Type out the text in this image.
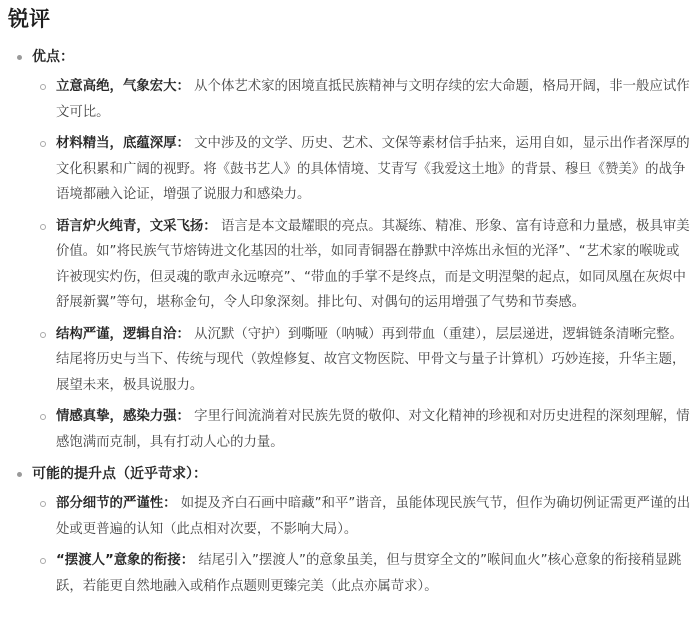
锐评
优点：
立意高绝，气象宏大： 从个体艺术家的困境直抵民族精神与文明存续的宏大命题，格局开阔，非一般应试作文可比。
材料精当，底蕴深厚： 文中涉及的文学、历史、艺术、文保等素材信手拈来，运用自如，显示出作者深厚的文化积累和广阔的视野。将《鼓书艺人》的具体情境、艾青写《我爱这土地》的背景、穆旦《赞美》的战争语境都融入论证，增强了说服力和感染力。
语言炉火纯青，文采飞扬： 语言是本文最耀眼的亮点。其凝练、精准、形象、富有诗意和力量感，极具审美价值。如”将民族气节熔铸进文化基因的壮举，如同青铜器在静默中淬炼出永恒的光泽”、“艺术家的喉咙或许被现实灼伤，但灵魂的歌声永远嘹亮”、“带血的手掌不是终点，而是文明涅槃的起点，如同凤凰在灰烬中舒展新翼”等句，堪称金句，令人印象深刻。排比句、对偶句的运用增强了气势和节奏感。
结构严谨，逻辑自洽： 从沉默（守护）到嘶哑（呐喊）再到带血（重建），层层递进，逻辑链条清晰完整。结尾将历史与当下、传统与现代（敦煌修复、故宫文物医院、甲骨文与量子计算机）巧妙连接，升华主题，展望未来，极具说服力。
情感真挚，感染力强： 字里行间流淌着对民族先贤的敬仰、对文化精神的珍视和对历史进程的深刻理解，情感饱满而克制，具有打动人心的力量。
可能的提升点（近乎苛求）：
部分细节的严谨性： 如提及齐白石画中暗藏”和平”谐音，虽能体现民族气节，但作为确切例证需更严谨的出处或更普遍的认知（此点相对次要，不影响大局）。
“摆渡人”意象的衔接： 结尾引入”摆渡人”的意象虽美，但与贯穿全文的”喉间血火”核心意象的衔接稍显跳跃，若能更自然地融入或稍作点题则更臻完美（此点亦属苛求）。
